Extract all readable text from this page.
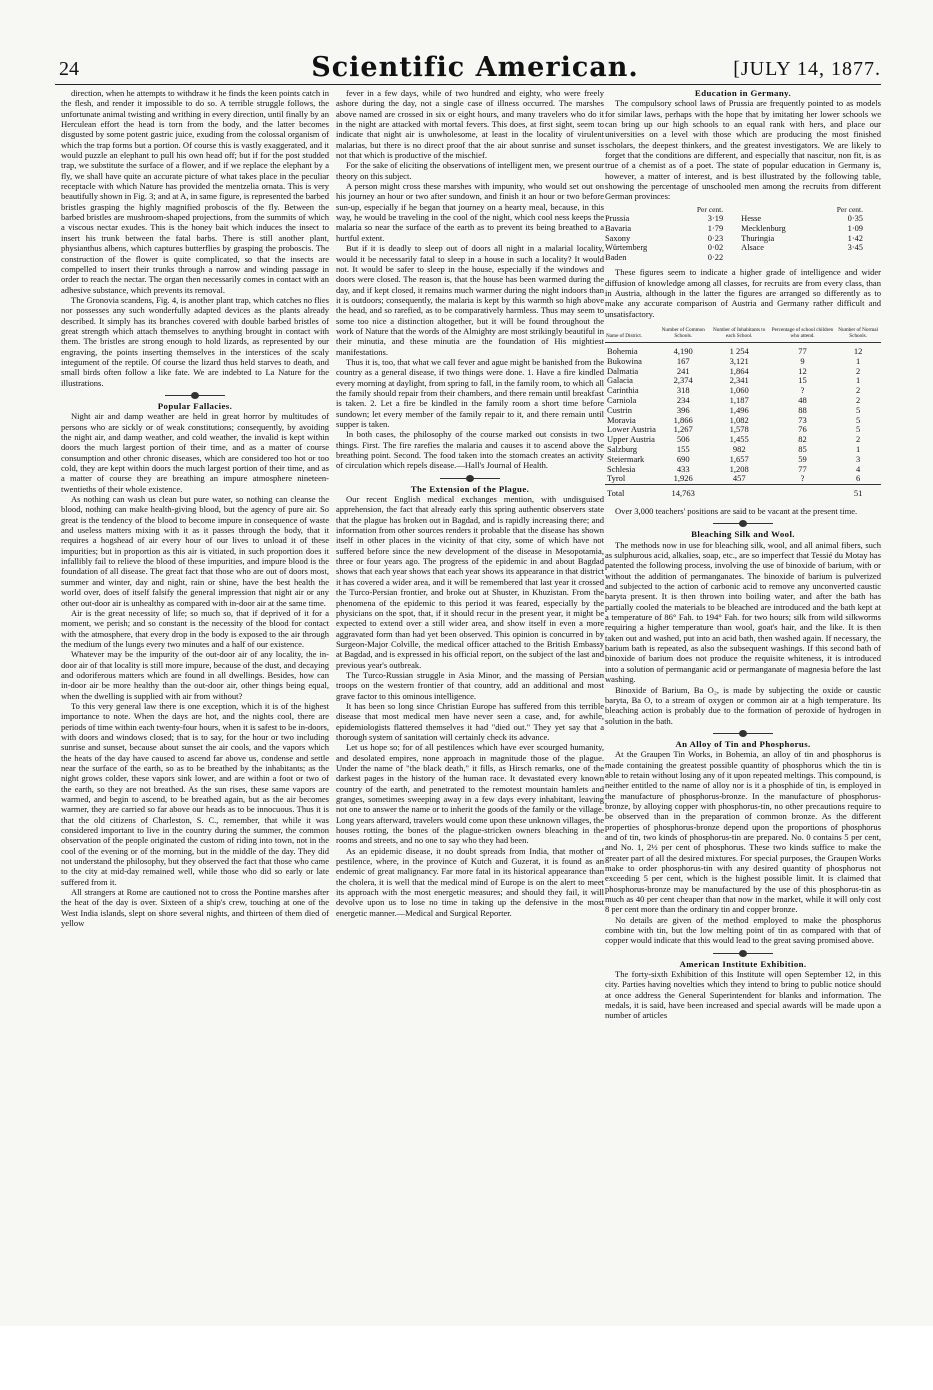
24	Scientific American.	[JULY 14, 1877.

direction, when he attempts to withdraw it he finds the keen points catch in the flesh, and render it impossible to do so. A terrible struggle follows, the unfortunate animal twisting and writhing in every direction, until finally by an Herculean effort the head is torn from the body, and the latter becomes disgusted by some potent gastric juice, exuding from the colossal organism of which the trap forms but a portion. Of course this is vastly exaggerated, and it would puzzle an elephant to pull his own head off; but if for the post studded trap, we substitute the surface of a flower, and if we replace the elephant by a fly, we shall have quite an accurate picture of what takes place in the peculiar receptacle with which Nature has provided the mentzelia ornata. This is very beautifully shown in Fig. 3; and at A, in same figure, is represented the barbed bristles grasping the highly magnified proboscis of the fly. Between the barbed bristles are mushroom-shaped projections, from the summits of which a viscous nectar exudes. This is the honey bait which induces the insect to insert his trunk between the fatal barbs. There is still another plant, physianthus albens, which captures butterflies by grasping the proboscis. The construction of the flower is quite complicated, so that the insects are compelled to insert their trunks through a narrow and winding passage in order to reach the nectar. The organ then necessarily comes in contact with an adhesive substance, which prevents its removal.

The Gronovia scandens, Fig. 4, is another plant trap, which catches no flies nor possesses any such wonderfully adapted devices as the plants already described. It simply has its branches covered with double barbed bristles of great strength which attach themselves to anything brought in contact with them. The bristles are strong enough to hold lizards, as represented by our engraving, the points inserting themselves in the interstices of the scaly integument of the reptile. Of course the lizard thus held starves to death, and small birds often follow a like fate. We are indebted to La Nature for the illustrations.

Popular Fallacies.

Night air and damp weather are held in great horror by multitudes of persons who are sickly or of weak constitutions; consequently, by avoiding the night air, and damp weather, and cold weather, the invalid is kept within doors the much largest portion of their time, and as a matter of course consumption and other chronic diseases, which are considered too hot or too cold, they are kept within doors the much largest portion of their time, and as a matter of course they are breathing an impure atmosphere nineteen-twentieths of their whole existence.

As nothing can wash us clean but pure water, so nothing can cleanse the blood, nothing can make health-giving blood, but the agency of pure air. So great is the tendency of the blood to become impure in consequence of waste and useless matters mixing with it as it passes through the body, that it requires a hogshead of air every hour of our lives to unload it of these impurities; but in proportion as this air is vitiated, in such proportion does it infallibly fail to relieve the blood of these impurities, and impure blood is the foundation of all disease. The great fact that those who are out of doors most, summer and winter, day and night, rain or shine, have the best health the world over, does of itself falsify the general impression that night air or any other out-door air is unhealthy as compared with in-door air at the same time.

Air is the great necessity of life; so much so, that if deprived of it for a moment, we perish; and so constant is the necessity of the blood for contact with the atmosphere, that every drop in the body is exposed to the air through the medium of the lungs every two minutes and a half of our existence.

Whatever may be the impurity of the out-door air of any locality, the in-door air of that locality is still more impure, because of the dust, and decaying and odoriferous matters which are found in all dwellings. Besides, how can in-door air be more healthy than the out-door air, other things being equal, when the dwelling is supplied with air from without?

To this very general law there is one exception, which it is of the highest importance to note. When the days are hot, and the nights cool, there are periods of time within each twenty-four hours, when it is safest to be in-doors, with doors and windows closed; that is to say, for the hour or two including sunrise and sunset, because about sunset the air cools, and the vapors which the heats of the day have caused to ascend far above us, condense and settle near the surface of the earth, so as to be breathed by the inhabitants; as the night grows colder, these vapors sink lower, and are within a foot or two of the earth, so they are not breathed. As the sun rises, these same vapors are warmed, and begin to ascend, to be breathed again, but as the air becomes warmer, they are carried so far above our heads as to be innocuous. Thus it is that the old citizens of Charleston, S. C., remember, that while it was considered important to live in the country during the summer, the common observation of the people originated the custom of riding into town, not in the cool of the evening or of the morning, but in the middle of the day. They did not understand the philosophy, but they observed the fact that those who came to the city at mid-day remained well, while those who did so early or late suffered from it.

All strangers at Rome are cautioned not to cross the Pontine marshes after the heat of the day is over. Sixteen of a ship's crew, touching at one of the West India islands, slept on shore several nights, and thirteen of them died of yellow

fever in a few days, while of two hundred and eighty, who were freely ashore during the day, not a single case of illness occurred. The marshes above named are crossed in six or eight hours, and many travelers who do it in the night are attacked with mortal fevers. This does, at first sight, seem to indicate that night air is unwholesome, at least in the locality of virulent malarias, but there is no direct proof that the air about sunrise and sunset is not that which is productive of the mischief.

For the sake of eliciting the observations of intelligent men, we present our theory on this subject.

A person might cross these marshes with impunity, who would set out on his journey an hour or two after sundown, and finish it an hour or two before sun-up, especially if he began that journey on a hearty meal, because, in this way, he would be traveling in the cool of the night, which cool ness keeps the malaria so near the surface of the earth as to prevent its being breathed to a hurtful extent.

But if it is deadly to sleep out of doors all night in a malarial locality, would it be necessarily fatal to sleep in a house in such a locality? It would not. It would be safer to sleep in the house, especially if the windows and doors were closed. The reason is, that the house has been warmed during the day, and if kept closed, it remains much warmer during the night indoors than it is outdoors; consequently, the malaria is kept by this warmth so high above the head, and so rarefied, as to be comparatively harmless. Thus may seem to some too nice a distinction altogether, but it will be found throughout the work of Nature that the words of the Almighty are most strikingly beautiful in their minutia, and these minutia are the foundation of His mightiest manifestations.

Thus it is, too, that what we call fever and ague might be banished from the country as a general disease, if two things were done. 1. Have a fire kindled every morning at daylight, from spring to fall, in the family room, to which all the family should repair from their chambers, and there remain until breakfast is taken. 2. Let a fire be kindled in the family room a short time before sundown; let every member of the family repair to it, and there remain until supper is taken.

In both cases, the philosophy of the course marked out consists in two things. First. The fire rarefies the malaria and causes it to ascend above the breathing point. Second. The food taken into the stomach creates an activity of circulation which repels disease.—Hall's Journal of Health.

The Extension of the Plague.

Our recent English medical exchanges mention, with undisguised apprehension, the fact that already early this spring authentic observers state that the plague has broken out in Bagdad, and is rapidly increasing there; and information from other sources renders it probable that the disease has shown itself in other places in the vicinity of that city, some of which have not suffered before since the new development of the disease in Mesopotamia, three or four years ago. The progress of the epidemic in and about Bagdad shows that each year shows that each year shows its appearance in that district it has covered a wider area, and it will be remembered that last year it crossed the Turco-Persian frontier, and broke out at Shuster, in Khuzistan. From the phenomena of the epidemic to this period it was feared, especially by the physicians on the spot, that, if it should recur in the present year, it might be expected to extend over a still wider area, and show itself in even a more aggravated form than had yet been observed. This opinion is concurred in by Surgeon-Major Colville, the medical officer attached to the British Embassy at Bagdad, and is expressed in his official report, on the subject of the last and previous year's outbreak.

The Turco-Russian struggle in Asia Minor, and the massing of Persian troops on the western frontier of that country, add an additional and most grave factor to this ominous intelligence.

It has been so long since Christian Europe has suffered from this terrible disease that most medical men have never seen a case, and, for awhile, epidemiologists flattered themselves it had "died out." They yet say that a thorough system of sanitation will certainly check its advance.

Let us hope so; for of all pestilences which have ever scourged humanity, and desolated empires, none approach in magnitude those of the plague. Under the name of "the black death," it fills, as Hirsch remarks, one of the darkest pages in the history of the human race. It devastated every known country of the earth, and penetrated to the remotest mountain hamlets and granges, sometimes sweeping away in a few days every inhabitant, leaving not one to answer the name or to inherit the goods of the family or the village. Long years afterward, travelers would come upon these unknown villages, the houses rotting, the bones of the plague-stricken owners bleaching in the rooms and streets, and no one to say who they had been.

As an epidemic disease, it no doubt spreads from India, that mother of pestilence, where, in the province of Kutch and Guzerat, it is found as an endemic of great malignancy. Far more fatal in its historical appearance than the cholera, it is well that the medical mind of Europe is on the alert to meet its approach with the most energetic measures; and should they fail, it will devolve upon us to lose no time in taking up the defensive in the most energetic manner.—Medical and Surgical Reporter.

Education in Germany.

The compulsory school laws of Prussia are frequently pointed to as models for similar laws, perhaps with the hope that by imitating her lower schools we can bring up our high schools to an equal rank with hers, and place our universities on a level with those which are producing the most finished scholars, the deepest thinkers, and the greatest investigators. We are likely to forget that the conditions are different, and especially that nascitur, non fit, is as true of a chemist as of a poet. The state of popular education in Germany is, however, a matter of interest, and is best illustrated by the following table, showing the percentage of unschooled men among the recruits from different German provinces:

	Per cent.		Per cent.
Prussia	3·19	Hesse	0·35
Bavaria	1·79	Mecklenburg	1·09
Saxony	0·23	Thuringia	1·42
Würtemberg	0·02	Alsace	3·45
Baden	0·22		

These figures seem to indicate a higher grade of intelligence and wider diffusion of knowledge among all classes, for recruits are from every class, than in Austria, although in the latter the figures are arranged so differently as to make any accurate comparison of Austria and Germany rather difficult and unsatisfactory.

Name of District.	Number of Common Schools.	Number of Inhabitants to each School.	Percentage of school children who attend.	Number of Normal Schools.
Bohemia	4,190	1 254	77	12
Bukowina	167	3,121	9	1
Dalmatia	241	1,864	12	2
Galacia	2,374	2,341	15	1
Carinthia	318	1,060	?	2
Carniola	234	1,187	48	2
Custrin	396	1,496	88	5
Moravia	1,866	1,082	73	5
Lower Austria	1,267	1,578	76	5
Upper Austria	506	1,455	82	2
Salzburg	155	982	85	1
Steiermark	690	1,657	59	3
Schlesia	433	1,208	77	4
Tyrol	1,926	457	?	6
Total	14,763			51

Over 3,000 teachers' positions are said to be vacant at the present time.

Bleaching Silk and Wool.

The methods now in use for bleaching silk, wool, and all animal fibers, such as sulphurous acid, alkalies, soap, etc., are so imperfect that Tessié du Motay has patented the following process, involving the use of binoxide of barium, with or without the addition of permanganates. The binoxide of barium is pulverized and subjected to the action of carbonic acid to remove any unconverted caustic baryta present. It is then thrown into boiling water, and after the bath has partially cooled the materials to be bleached are introduced and the bath kept at a temperature of 86° Fah. to 194° Fah. for two hours; silk from wild silkworms requiring a higher temperature than wool, goat's hair, and the like. It is then taken out and washed, put into an acid bath, then washed again. If necessary, the barium bath is repeated, as also the subsequent washings. If this second bath of binoxide of barium does not produce the requisite whiteness, it is introduced into a solution of permanganic acid or permanganate of magnesia before the last washing.

Binoxide of Barium, Ba O₂, is made by subjecting the oxide or caustic baryta, Ba O, to a stream of oxygen or common air at a high temperature. Its bleaching action is probably due to the formation of peroxide of hydrogen in solution in the bath.

An Alloy of Tin and Phosphorus.

At the Graupen Tin Works, in Bohemia, an alloy of tin and phosphorus is made containing the greatest possible quantity of phosphorus which the tin is able to retain without losing any of it upon repeated meltings. This compound, is neither entitled to the name of alloy nor is it a phosphide of tin, is employed in the manufacture of phosphorus-bronze. In the manufacture of phosphorus-bronze, by alloying copper with phosphorus-tin, no other precautions require to be observed than in the preparation of common bronze. As the different properties of phosphorus-bronze depend upon the proportions of phosphorus and of tin, two kinds of phosphorus-tin are prepared. No. 0 contains 5 per cent, and No. 1, 2½ per cent of phosphorus. These two kinds suffice to make the greater part of all the desired mixtures. For special purposes, the Graupen Works make to order phosphorus-tin with any desired quantity of phosphorus not exceeding 5 per cent, which is the highest possible limit. It is claimed that phosphorus-bronze may be manufactured by the use of this phosphorus-tin as much as 40 per cent cheaper than that now in the market, while it will only cost 8 per cent more than the ordinary tin and copper bronze.

No details are given of the method employed to make the phosphorus combine with tin, but the low melting point of tin as compared with that of copper would indicate that this would lead to the great saving promised above.

American Institute Exhibition.

The forty-sixth Exhibition of this Institute will open September 12, in this city. Parties having novelties which they intend to bring to public notice should at once address the General Superintendent for blanks and information. The medals, it is said, have been increased and special awards will be made upon a number of articles
